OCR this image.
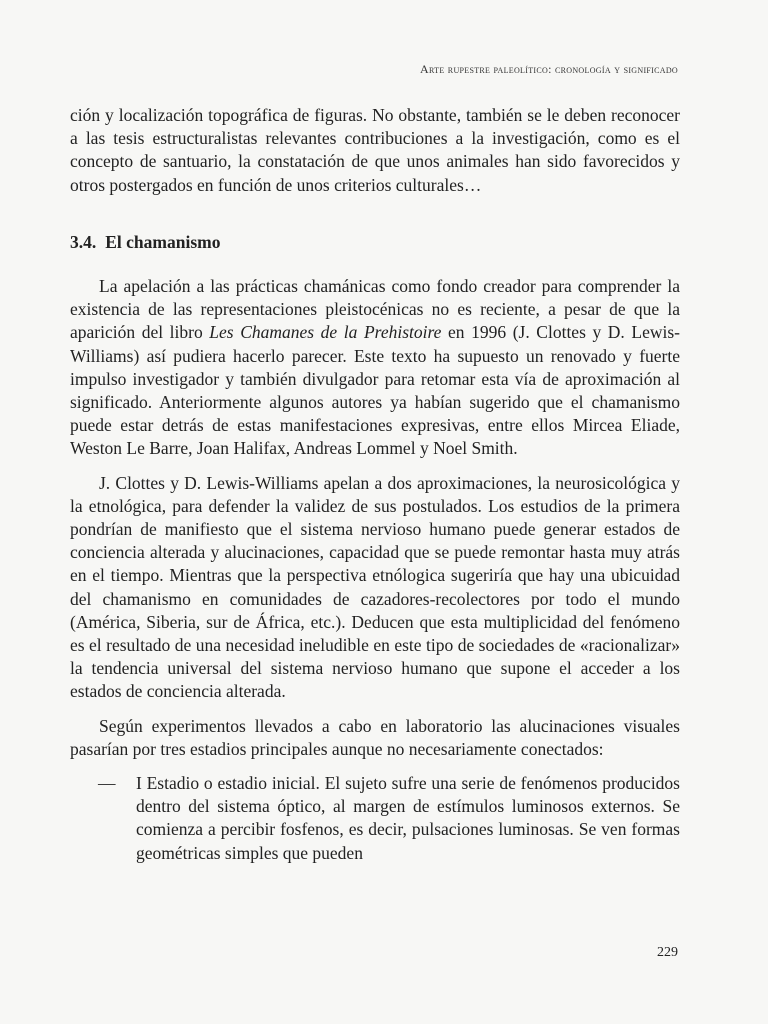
Arte rupestre paleolítico: cronología y significado

ción y localización topográfica de figuras. No obstante, también se le deben reconocer a las tesis estructuralistas relevantes contribuciones a la investigación, como es el concepto de santuario, la constatación de que unos animales han sido favorecidos y otros postergados en función de unos criterios culturales…

3.4. El chamanismo

La apelación a las prácticas chamánicas como fondo creador para comprender la existencia de las representaciones pleistocénicas no es reciente, a pesar de que la aparición del libro Les Chamanes de la Prehistoire en 1996 (J. Clottes y D. Lewis-Williams) así pudiera hacerlo parecer. Este texto ha supuesto un renovado y fuerte impulso investigador y también divulgador para retomar esta vía de aproximación al significado. Anteriormente algunos autores ya habían sugerido que el chamanismo puede estar detrás de estas manifestaciones expresivas, entre ellos Mircea Eliade, Weston Le Barre, Joan Halifax, Andreas Lommel y Noel Smith.

J. Clottes y D. Lewis-Williams apelan a dos aproximaciones, la neurosicológica y la etnológica, para defender la validez de sus postulados. Los estudios de la primera pondrían de manifiesto que el sistema nervioso humano puede generar estados de conciencia alterada y alucinaciones, capacidad que se puede remontar hasta muy atrás en el tiempo. Mientras que la perspectiva etnólogica sugeriría que hay una ubicuidad del chamanismo en comunidades de cazadores-recolectores por todo el mundo (América, Siberia, sur de África, etc.). Deducen que esta multiplicidad del fenómeno es el resultado de una necesidad ineludible en este tipo de sociedades de «racionalizar» la tendencia universal del sistema nervioso humano que supone el acceder a los estados de conciencia alterada.

Según experimentos llevados a cabo en laboratorio las alucinaciones visuales pasarían por tres estadios principales aunque no necesariamente conectados:

—	I Estadio o estadio inicial. El sujeto sufre una serie de fenómenos producidos dentro del sistema óptico, al margen de estímulos luminosos externos. Se comienza a percibir fosfenos, es decir, pulsaciones luminosas. Se ven formas geométricas simples que pueden
229
